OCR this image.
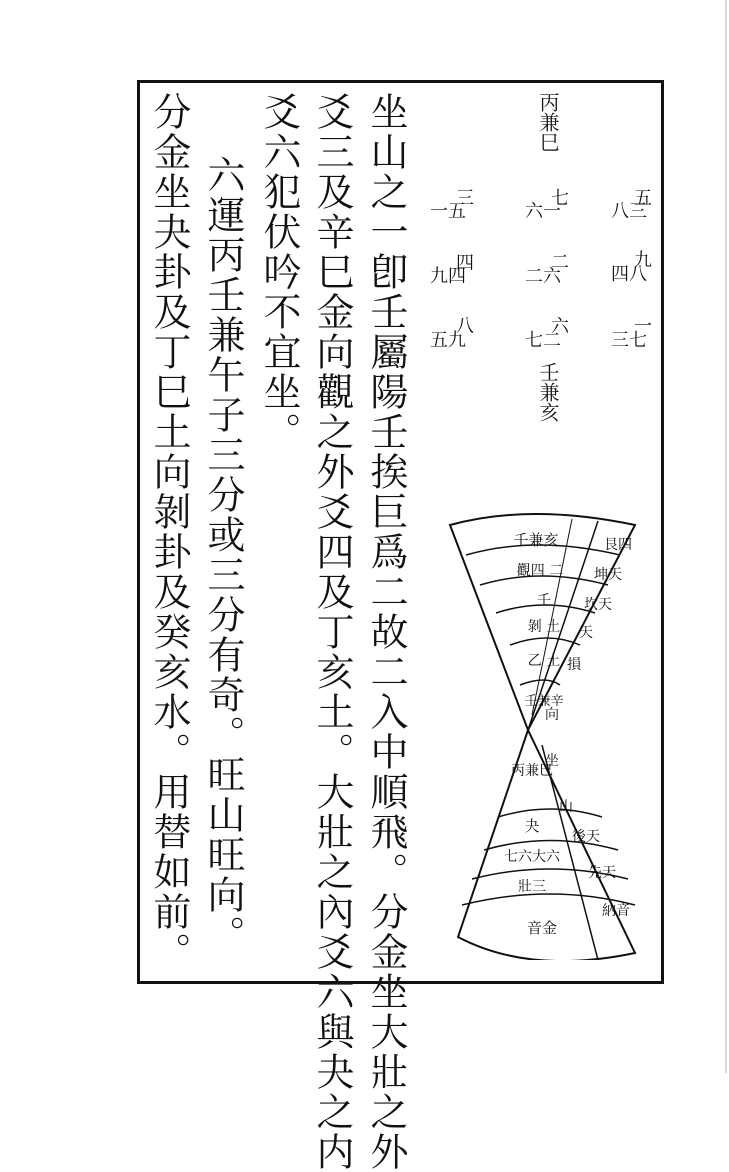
坐山之一卽壬屬陽壬挨巨爲二故二入中順飛。分金坐大壯之外
爻三及辛巳金向觀之外爻四及丁亥土。大壯之內爻六與夬之内
爻六犯伏吟不宜坐。
六運丙壬兼午子三分或三分有奇。旺山旺向。
分金坐夬卦及丁巳土向剝卦及癸亥水。用替如前。	丙兼巳
壬兼亥
五
八三
九
四八
一
三七
七
六一
二
二六
六
七二
三
一五
四
九四
八
五九
壬兼亥
觀四 二
壬
剝 土
乙 土
壬兼辛
艮四
坤天
坎天
天
損
向
丙兼巳
夬
七六大六
壯三
音金
坐
山
後天
先天
納音
